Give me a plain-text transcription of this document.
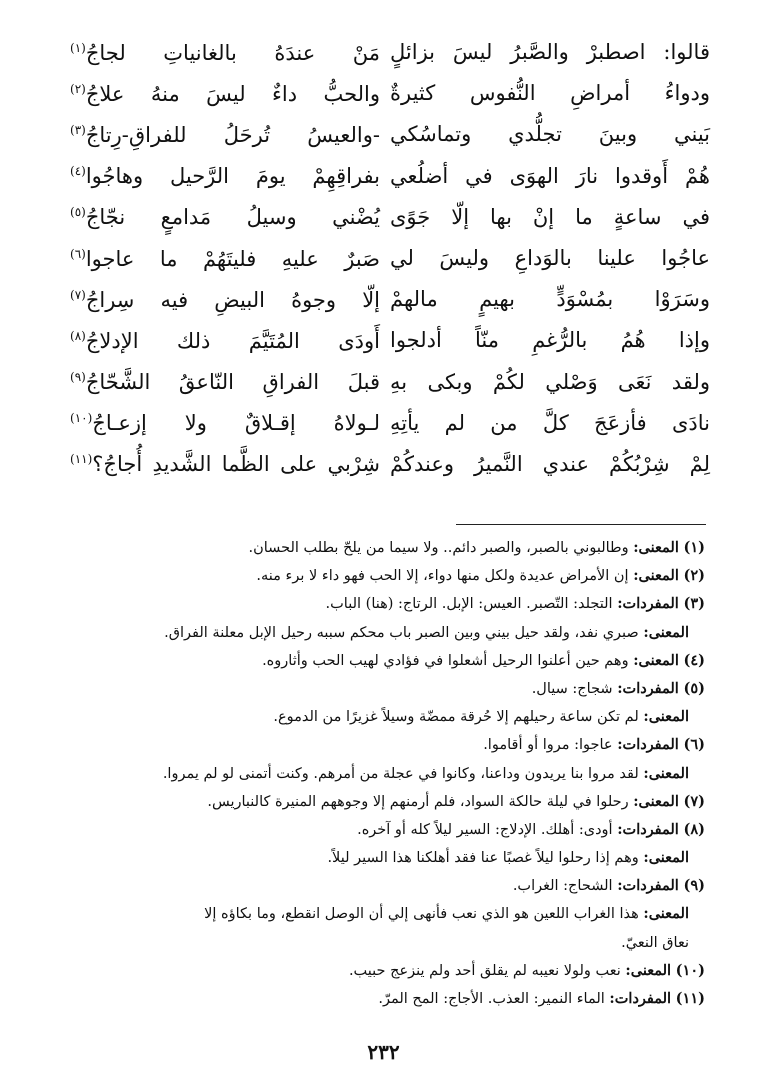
قالوا: اصطبرْ والصَّبرُ ليسَ بزائلٍ
مَنْ عندَهُ بالغانياتِ لجاجُ$^{(١)}$
ودواءُ أمراضِ النُّفوس كثيرةٌ
والحبُّ داءٌ ليسَ منهُ علاجُ$^{(٢)}$
بَيني وبينَ تجلُّدي وتماسُكي
-والعيسُ تُرحَلُ للفراقِ-رِتاجُ$^{(٣)}$
هُمْ أَوقدوا نارَ الهوَى في أضلُعي
بفراقِهِمْ يومَ الرَّحيل وهاجُوا$^{(٤)}$
في ساعةٍ ما إنْ بها إلّا جَوًى
يُضْني وسيلُ مَدامعٍ نجّاجُ$^{(٥)}$
عاجُوا علينا بالوَداعِ وليسَ لي
صَبرٌ عليهِ فليتَهُمْ ما عاجوا$^{(٦)}$
وسَرَوْا بمُسْوَدٍّ بهيمٍ مالهمْ
إلّا وجوهُ البيضِ فيه سِراجُ$^{(٧)}$
وإذا هُمُ بالرُّغمِ منّاً أدلجوا
أَودَى المُتَيَّمَ ذلك الإدلاجُ$^{(٨)}$
ولقد نَعَى وَصْلي لكُمْ وبكى بهِ
قبلَ الفراقِ النّاعقُ الشَّحّاجُ$^{(٩)}$
نادَى فأزعَجَ كلَّ من لم يأتِهِ
لـولاهُ إقـلاقٌ ولا إزعـاجُ$^{(١٠)}$
لِمْ شِرْبُكُمْ عندي النَّميرُ وعندكُمْ
شِرْبي على الظَّما الشَّديدِ أُجاجُ؟$^{(١١)}$
(١) المعنى: وطالبوني بالصبر، والصبر دائم.. ولا سيما من يلحّ بطلب الحسان.
(٢) المعنى: إن الأمراض عديدة ولكل منها دواء، إلا الحب فهو داء لا برء منه.
(٣) المفردات: التجلد: التّصبر. العيس: الإبل. الرتاج: (هنا) الباب.
المعنى: صبري نفد، ولقد حيل بيني وبين الصبر باب محكم سببه رحيل الإبل معلنة الفراق.
(٤) المعنى: وهم حين أعلنوا الرحيل أشعلوا في فؤادي لهيب الحب وأثاروه.
(٥) المفردات: شجاج: سيال.
المعنى: لم تكن ساعة رحيلهم إلا حُرقة ممضّة وسيلاً غزيرًا من الدموع.
(٦) المفردات: عاجوا: مروا أو أقاموا.
المعنى: لقد مروا بنا يريدون وداعنا، وكانوا في عجلة من أمرهم. وكنت أتمنى لو لم يمروا.
(٧) المعنى: رحلوا في ليلة حالكة السواد، فلم أرمنهم إلا وجوههم المنيرة كالنباريس.
(٨) المفردات: أودى: أهلك. الإدلاج: السير ليلاً كله أو آخره.
المعنى: وهم إذا رحلوا ليلاً غصبًا عنا فقد أهلكنا هذا السير ليلاً.
(٩) المفردات: الشحاج: الغراب.
المعنى: هذا الغراب اللعين هو الذي نعب فأنهى إلي أن الوصل انقطع، وما بكاؤه إلا
نعاق النعيّ.
(١٠) المعنى: نعب ولولا نعيبه لم يقلق أحد ولم ينزعج حبيب.
(١١) المفردات: الماء النمير: العذب. الأجاج: المح المرّ.
٢٣٢
